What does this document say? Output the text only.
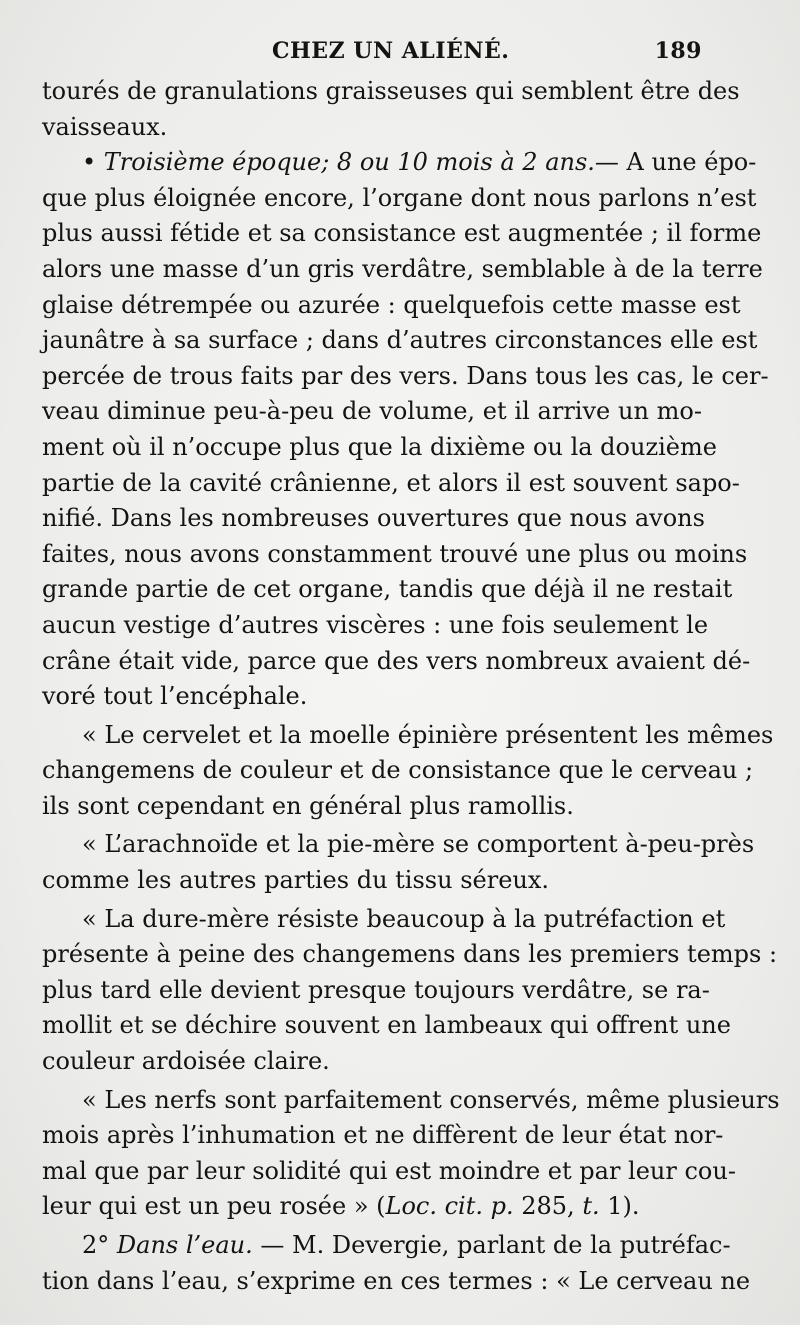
CHEZ UN ALIÉNÉ.	189
tourés de granulations graisseuses qui semblent être des
vaisseaux.
• Troisième époque; 8 ou 10 mois à 2 ans.— A une épo-
que plus éloignée encore, l’organe dont nous parlons n’est
plus aussi fétide et sa consistance est augmentée ; il forme
alors une masse d’un gris verdâtre, semblable à de la terre
glaise détrempée ou azurée : quelquefois cette masse est
jaunâtre à sa surface ; dans d’autres circonstances elle est
percée de trous faits par des vers. Dans tous les cas, le cer-
veau diminue peu-à-peu de volume, et il arrive un mo-
ment où il n’occupe plus que la dixième ou la douzième
partie de la cavité crânienne, et alors il est souvent sapo-
nifié. Dans les nombreuses ouvertures que nous avons
faites, nous avons constamment trouvé une plus ou moins
grande partie de cet organe, tandis que déjà il ne restait
aucun vestige d’autres viscères : une fois seulement le
crâne était vide, parce que des vers nombreux avaient dé-
voré tout l’encéphale.
« Le cervelet et la moelle épinière présentent les mêmes
changemens de couleur et de consistance que le cerveau ;
ils sont cependant en général plus ramollis.
« L’arachnoïde et la pie-mère se comportent à-peu-près
comme les autres parties du tissu séreux.
« La dure-mère résiste beaucoup à la putréfaction et
présente à peine des changemens dans les premiers temps :
plus tard elle devient presque toujours verdâtre, se ra-
mollit et se déchire souvent en lambeaux qui offrent une
couleur ardoisée claire.
« Les nerfs sont parfaitement conservés, même plusieurs
mois après l’inhumation et ne diffèrent de leur état nor-
mal que par leur solidité qui est moindre et par leur cou-
leur qui est un peu rosée » (Loc. cit. p. 285, t. 1).
2° Dans l’eau. — M. Devergie, parlant de la putréfac-
tion dans l’eau, s’exprime en ces termes : « Le cerveau ne
